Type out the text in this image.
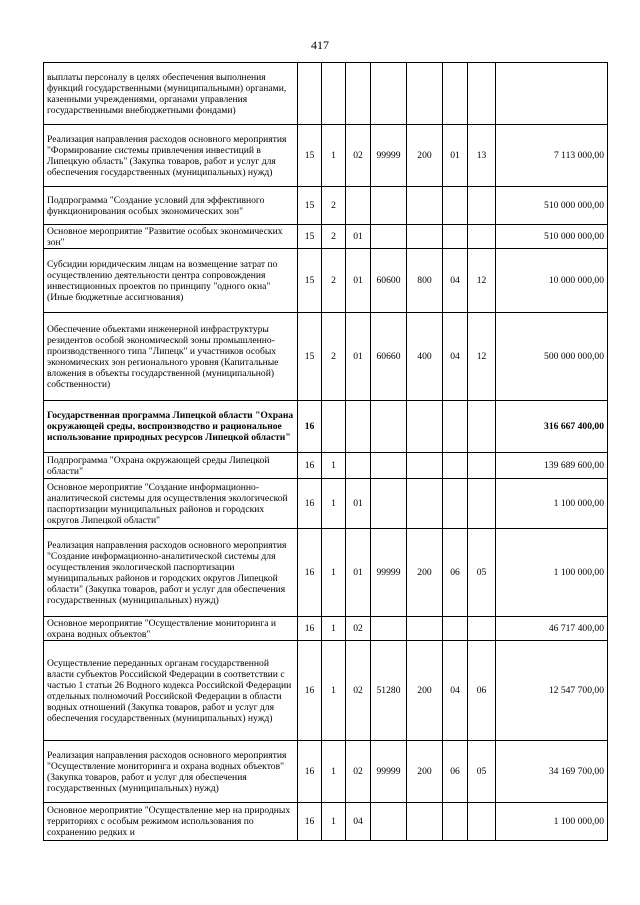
417
выплаты персоналу в целях обеспечения выполнения функций государственными (муниципальными) органами, казенными учреждениями, органами управления государственными внебюджетными фондами)								
Реализация направления расходов основного мероприятия "Формирование системы привлечения инвестиций в Липецкую область" (Закупка товаров, работ и услуг для обеспечения государственных (муниципальных) нужд)	15	1	02	99999	200	01	13	7 113 000,00
Подпрограмма "Создание условий для эффективного функционирования особых экономических зон"	15	2						510 000 000,00
Основное мероприятие "Развитие особых экономических зон"	15	2	01					510 000 000,00
Субсидии юридическим лицам на возмещение затрат по осуществлению деятельности центра сопровождения инвестиционных проектов по принципу "одного окна" (Иные бюджетные ассигнования)	15	2	01	60600	800	04	12	10 000 000,00
Обеспечение объектами инженерной инфраструктуры резидентов особой экономической зоны промышленно-производственного типа "Липецк" и участников особых экономических зон регионального уровня (Капитальные вложения в объекты государственной (муниципальной) собственности)	15	2	01	60660	400	04	12	500 000 000,00
Государственная программа Липецкой области "Охрана окружающей среды, воспроизводство и рациональное использование природных ресурсов Липецкой области"	16							316 667 400,00
Подпрограмма "Охрана окружающей среды Липецкой области"	16	1						139 689 600,00
Основное мероприятие "Создание информационно-аналитической системы для осуществления экологической паспортизации муниципальных районов и городских округов Липецкой области"	16	1	01					1 100 000,00
Реализация направления расходов основного мероприятия "Создание информационно-аналитической системы для осуществления экологической паспортизации муниципальных районов и городских округов Липецкой области" (Закупка товаров, работ и услуг для обеспечения государственных (муниципальных) нужд)	16	1	01	99999	200	06	05	1 100 000,00
Основное мероприятие "Осуществление мониторинга и охрана водных объектов"	16	1	02					46 717 400,00
Осуществление переданных органам государственной власти субъектов Российской Федерации в соответствии с частью 1 статьи 26 Водного кодекса Российской Федерации отдельных полномочий Российской Федерации в области водных отношений (Закупка товаров, работ и услуг для обеспечения государственных (муниципальных) нужд)	16	1	02	51280	200	04	06	12 547 700,00
Реализация направления расходов основного мероприятия "Осуществление мониторинга и охрана водных объектов" (Закупка товаров, работ и услуг для обеспечения государственных (муниципальных) нужд)	16	1	02	99999	200	06	05	34 169 700,00
Основное мероприятие "Осуществление мер на природных территориях с особым режимом использования по сохранению редких и	16	1	04					1 100 000,00
